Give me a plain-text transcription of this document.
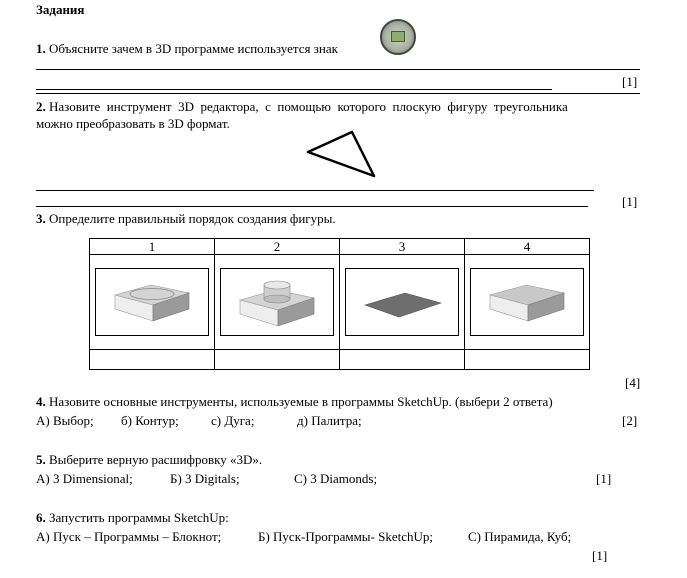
Задания
1. Объясните зачем в 3D программе используется знак
[1]
2. Назовите  инструмент  3D  редактора,  с  помощью  которого  плоскую  фигуру  треугольника
можно преобразовать в 3D формат.
[1]
3. Определите правильный порядок создания фигуры.
1	2	3	4

[4]
4. Назовите основные инструменты, используемые в программы SketchUp. (выбери 2 ответа)
А) Выбор; б) Контур; с) Дуга;	д) Палитра;	[2]
5. Выберите верную расшифровку «3D».
A) 3 Dimensional;	Б) 3 Digitals;	С) 3 Diamonds;	[1]
6. Запустить программы SketchUp:
А) Пуск – Программы – Блокнот;	Б) Пуск-Программы- SketchUp;	С) Пирамида, Куб;
[1]
